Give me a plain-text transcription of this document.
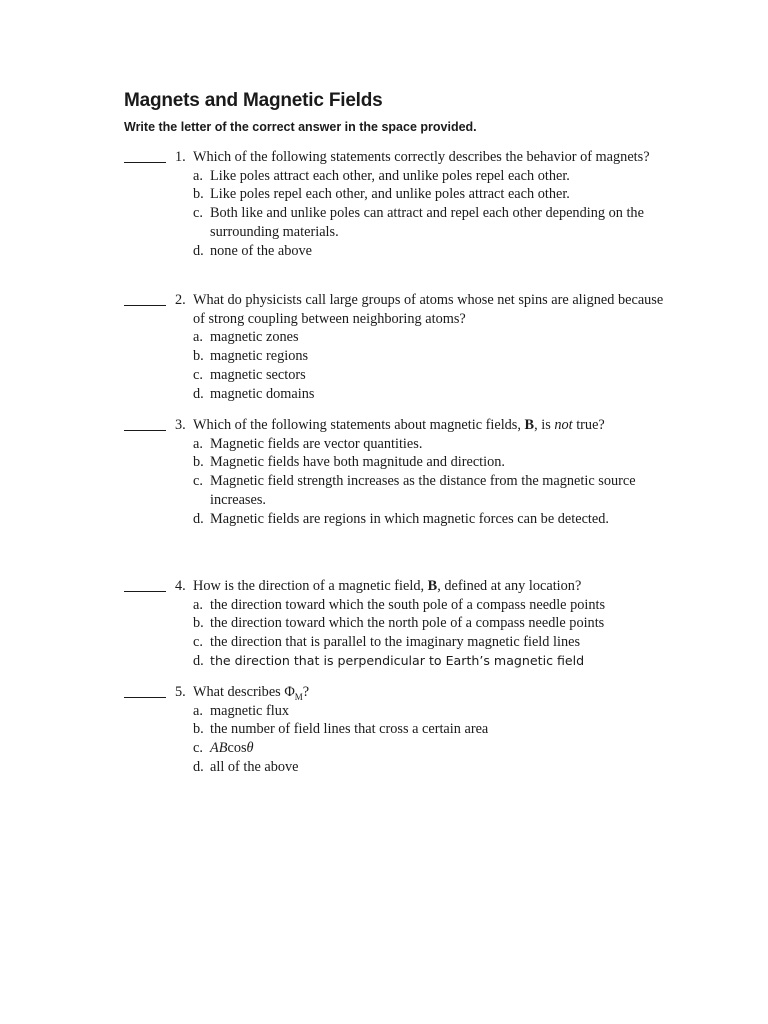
Magnets and Magnetic Fields

Write the letter of the correct answer in the space provided.

1. Which of the following statements correctly describes the behavior of magnets?
a. Like poles attract each other, and unlike poles repel each other.
b. Like poles repel each other, and unlike poles attract each other.
c. Both like and unlike poles can attract and repel each other depending on the surrounding materials.
d. none of the above
2. What do physicists call large groups of atoms whose net spins are aligned because of strong coupling between neighboring atoms?
a. magnetic zones
b. magnetic regions
c. magnetic sectors
d. magnetic domains
3. Which of the following statements about magnetic fields, B, is not true?
a. Magnetic fields are vector quantities.
b. Magnetic fields have both magnitude and direction.
c. Magnetic field strength increases as the distance from the magnetic source increases.
d. Magnetic fields are regions in which magnetic forces can be detected.
4. How is the direction of a magnetic field, B, defined at any location?
a. the direction toward which the south pole of a compass needle points
b. the direction toward which the north pole of a compass needle points
c. the direction that is parallel to the imaginary magnetic field lines
d. the direction that is perpendicular to Earth’s magnetic field
5. What describes $\Phi_M$?
a. magnetic flux
b. the number of field lines that cross a certain area
c. ABcosθ
d. all of the above
